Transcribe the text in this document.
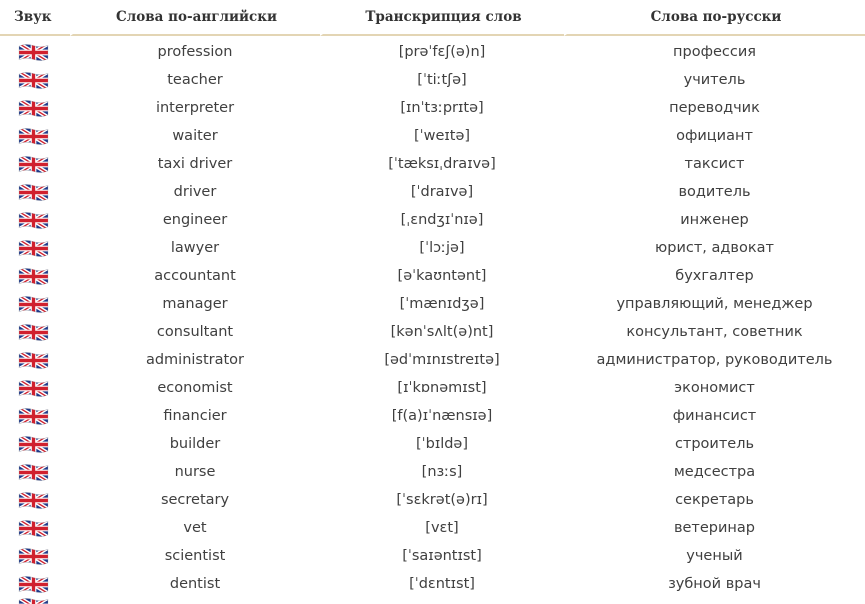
Звук	Слова по-английски	Транскрипция слов	Слова по-русски

	profession	[prəˈfɛʃ(ə)n]	профессия

	teacher	[ˈtiːtʃə]	учитель

	interpreter	[ɪnˈtɜːprɪtə]	переводчик

	waiter	[ˈweɪtə]	официант

	taxi driver	[ˈtæksɪˌdraɪvə]	таксист

	driver	[ˈdraɪvə]	водитель

	engineer	[ˌɛndʒɪˈnɪə]	инженер

	lawyer	[ˈlɔːjə]	юрист, адвокат

	accountant	[əˈkaʊntənt]	бухгалтер

	manager	[ˈmænɪdʒə]	управляющий, менеджер

	consultant	[kənˈsʌlt(ə)nt]	консультант, советник

	administrator	[ədˈmɪnɪstreɪtə]	администратор, руководитель

	economist	[ɪˈkɒnəmɪst]	экономист

	financier	[f(a)ɪˈnænsɪə]	финансист

	builder	[ˈbɪldə]	строитель

	nurse	[nɜːs]	медсестра

	secretary	[ˈsɛkrət(ə)rɪ]	секретарь

	vet	[vɛt]	ветеринар

	scientist	[ˈsaɪəntɪst]	ученый

	dentist	[ˈdɛntɪst]	зубной врач
